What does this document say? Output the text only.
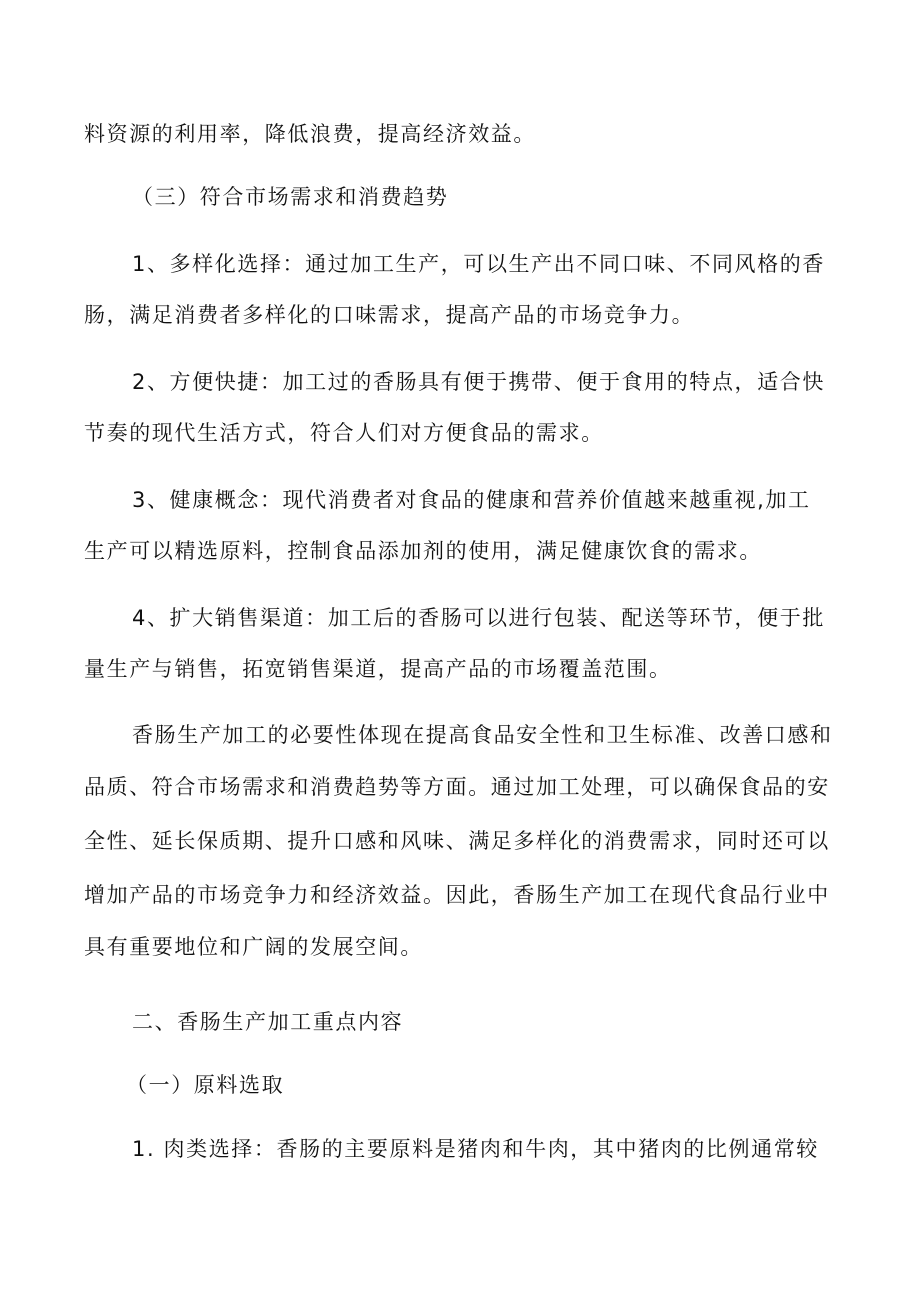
料资源的利用率，降低浪费，提高经济效益。
（三）符合市场需求和消费趋势
1、多样化选择：通过加工生产，可以生产出不同口味、不同风格的香
肠，满足消费者多样化的口味需求，提高产品的市场竞争力。
2、方便快捷：加工过的香肠具有便于携带、便于食用的特点，适合快
节奏的现代生活方式，符合人们对方便食品的需求。
3、健康概念：现代消费者对食品的健康和营养价值越来越重视,加工
生产可以精选原料，控制食品添加剂的使用，满足健康饮食的需求。
4、扩大销售渠道：加工后的香肠可以进行包装、配送等环节，便于批
量生产与销售，拓宽销售渠道，提高产品的市场覆盖范围。
香肠生产加工的必要性体现在提高食品安全性和卫生标准、改善口感和
品质、符合市场需求和消费趋势等方面。通过加工处理，可以确保食品的安
全性、延长保质期、提升口感和风味、满足多样化的消费需求，同时还可以
增加产品的市场竞争力和经济效益。因此，香肠生产加工在现代食品行业中
具有重要地位和广阔的发展空间。
二、香肠生产加工重点内容
（一）原料选取
1. 肉类选择：香肠的主要原料是猪肉和牛肉，其中猪肉的比例通常较
